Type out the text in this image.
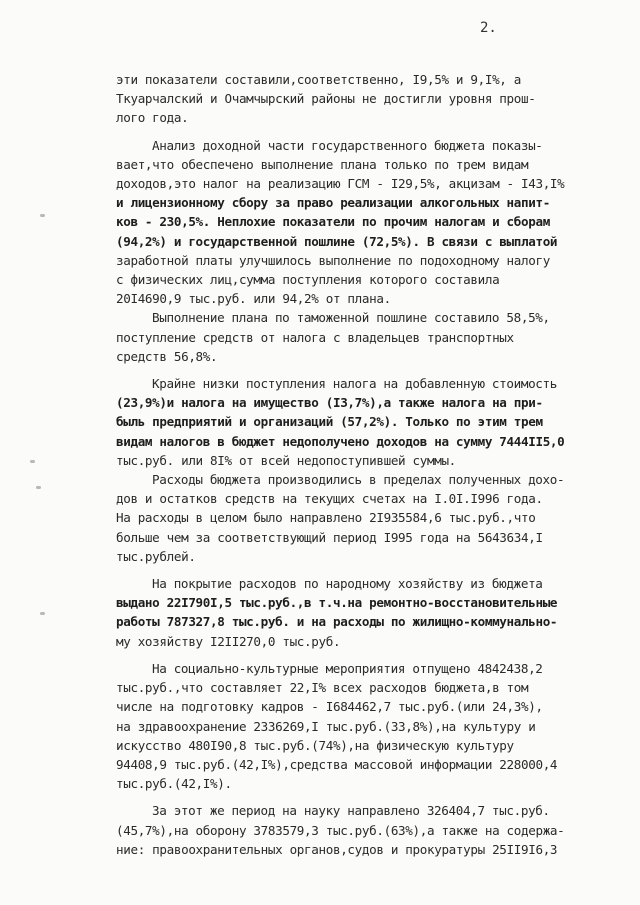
2.
эти показатели составили,соответственно, I9,5% и 9,I%, а
Ткуарчалский и Очамчырский районы не достигли уровня прош-
лого года.
Анализ доходной части государственного бюджета показы-
вает,что обеспечено выполнение плана только по трем видам
доходов,это налог на реализацию ГСМ - I29,5%, акцизам - I43,I%
и лицензионному сбору за право реализации алкогольных напит-
ков - 230,5%. Неплохие показатели по прочим налогам и сборам
(94,2%) и государственной пошлине (72,5%). В связи с выплатой
заработной платы улучшилось выполнение по подоходному налогу
с физических лиц,сумма поступления которого составила
20I4690,9 тыс.руб. или 94,2% от плана.
Выполнение плана по таможенной пошлине составило 58,5%,
поступление средств от налога с владельцев транспортных
средств 56,8%.
Крайне низки поступления налога на добавленную стоимость
(23,9%)и налога на имущество (I3,7%),а также налога на при-
быль предприятий и организаций (57,2%). Только по этим трем
видам налогов в бюджет недополучено доходов на сумму 7444II5,0
тыс.руб. или 8I% от всей недопоступившей суммы.
Расходы бюджета производились в пределах полученных дохо-
дов и остатков средств на текущих счетах на I.0I.I996 года.
На расходы в целом было направлено 2I935584,6 тыс.руб.,что
больше чем за соответствующий период I995 года на 5643634,I
тыс.рублей.
На покрытие расходов по народному хозяйству из бюджета
выдано 22I790I,5 тыс.руб.,в т.ч.на ремонтно-восстановительные
работы 787327,8 тыс.руб. и на расходы по жилищно-коммунально-
му хозяйству I2II270,0 тыс.руб.
На социально-культурные мероприятия отпущено 4842438,2
тыс.руб.,что составляет 22,I% всех расходов бюджета,в том
числе на подготовку кадров - I684462,7 тыс.руб.(или 24,3%),
на здравоохранение 2336269,I тыс.руб.(33,8%),на культуру и
искусство 480I90,8 тыс.руб.(74%),на физическую культуру
94408,9 тыс.руб.(42,I%),средства массовой информации 228000,4
тыс.руб.(42,I%).
За этот же период на науку направлено 326404,7 тыс.руб.
(45,7%),на оборону 3783579,3 тыс.руб.(63%),а также на содержа-
ние: правоохранительных органов,судов и прокуратуры 25II9I6,3
